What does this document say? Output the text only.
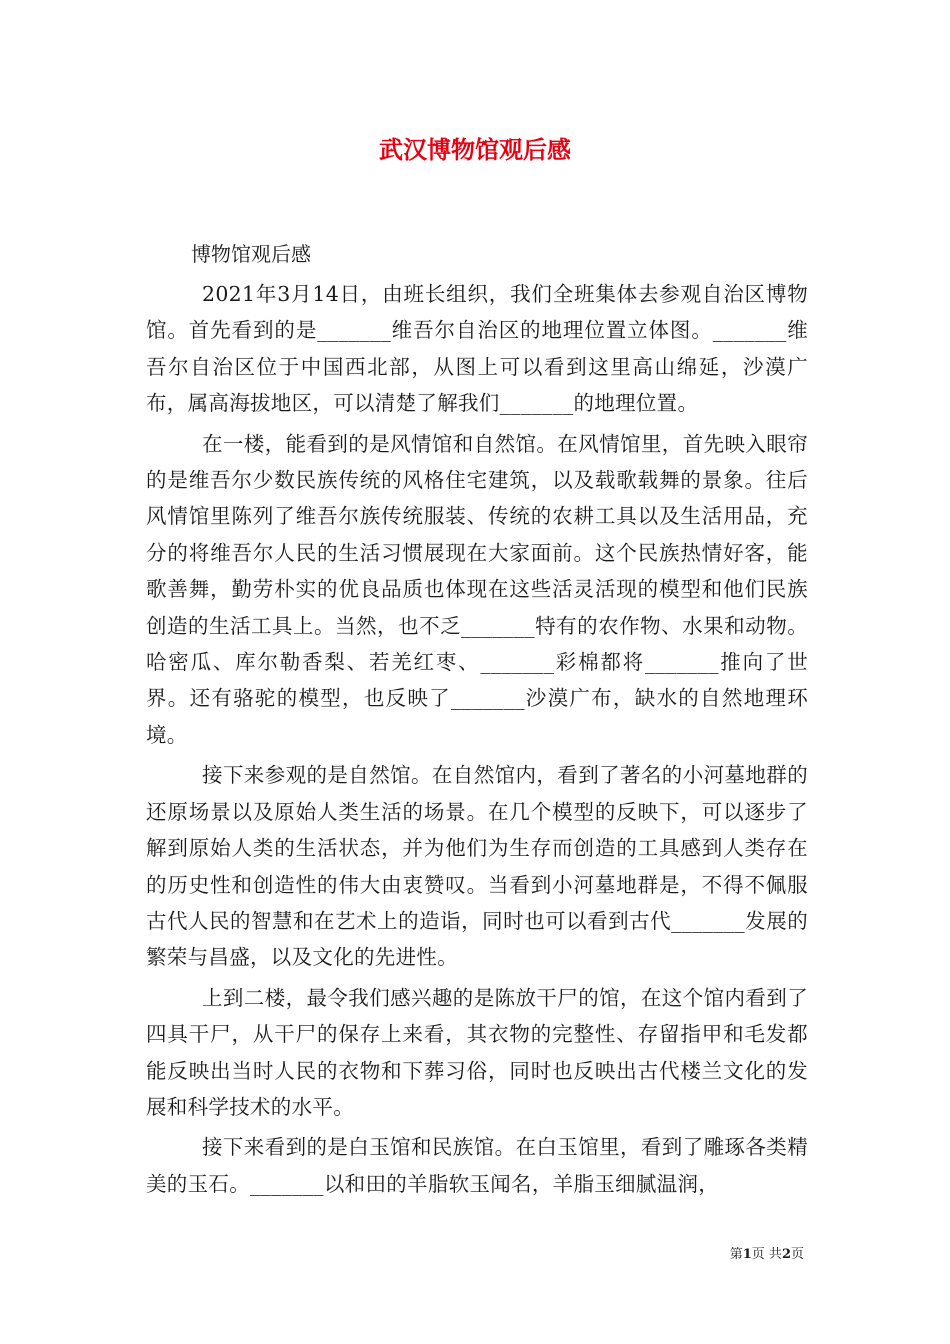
武汉博物馆观后感

博物馆观后感

2021年3月14日，由班长组织，我们全班集体去参观自治区博物馆。首先看到的是_______维吾尔自治区的地理位置立体图。_______维吾尔自治区位于中国西北部，从图上可以看到这里高山绵延，沙漠广布，属高海拔地区，可以清楚了解我们_______的地理位置。

在一楼，能看到的是风情馆和自然馆。在风情馆里，首先映入眼帘的是维吾尔少数民族传统的风格住宅建筑，以及载歌载舞的景象。往后风情馆里陈列了维吾尔族传统服装、传统的农耕工具以及生活用品，充分的将维吾尔人民的生活习惯展现在大家面前。这个民族热情好客，能歌善舞，勤劳朴实的优良品质也体现在这些活灵活现的模型和他们民族创造的生活工具上。当然，也不乏_______特有的农作物、水果和动物。哈密瓜、库尔勒香梨、若羌红枣、_______彩棉都将_______推向了世界。还有骆驼的模型，也反映了_______沙漠广布，缺水的自然地理环境。

接下来参观的是自然馆。在自然馆内，看到了著名的小河墓地群的还原场景以及原始人类生活的场景。在几个模型的反映下，可以逐步了解到原始人类的生活状态，并为他们为生存而创造的工具感到人类存在的历史性和创造性的伟大由衷赞叹。当看到小河墓地群是，不得不佩服古代人民的智慧和在艺术上的造诣，同时也可以看到古代_______发展的繁荣与昌盛，以及文化的先进性。

上到二楼，最令我们感兴趣的是陈放干尸的馆，在这个馆内看到了四具干尸，从干尸的保存上来看，其衣物的完整性、存留指甲和毛发都能反映出当时人民的衣物和下葬习俗，同时也反映出古代楼兰文化的发展和科学技术的水平。

接下来看到的是白玉馆和民族馆。在白玉馆里，看到了雕琢各类精美的玉石。_______以和田的羊脂软玉闻名，羊脂玉细腻温润，

第1页 共2页
